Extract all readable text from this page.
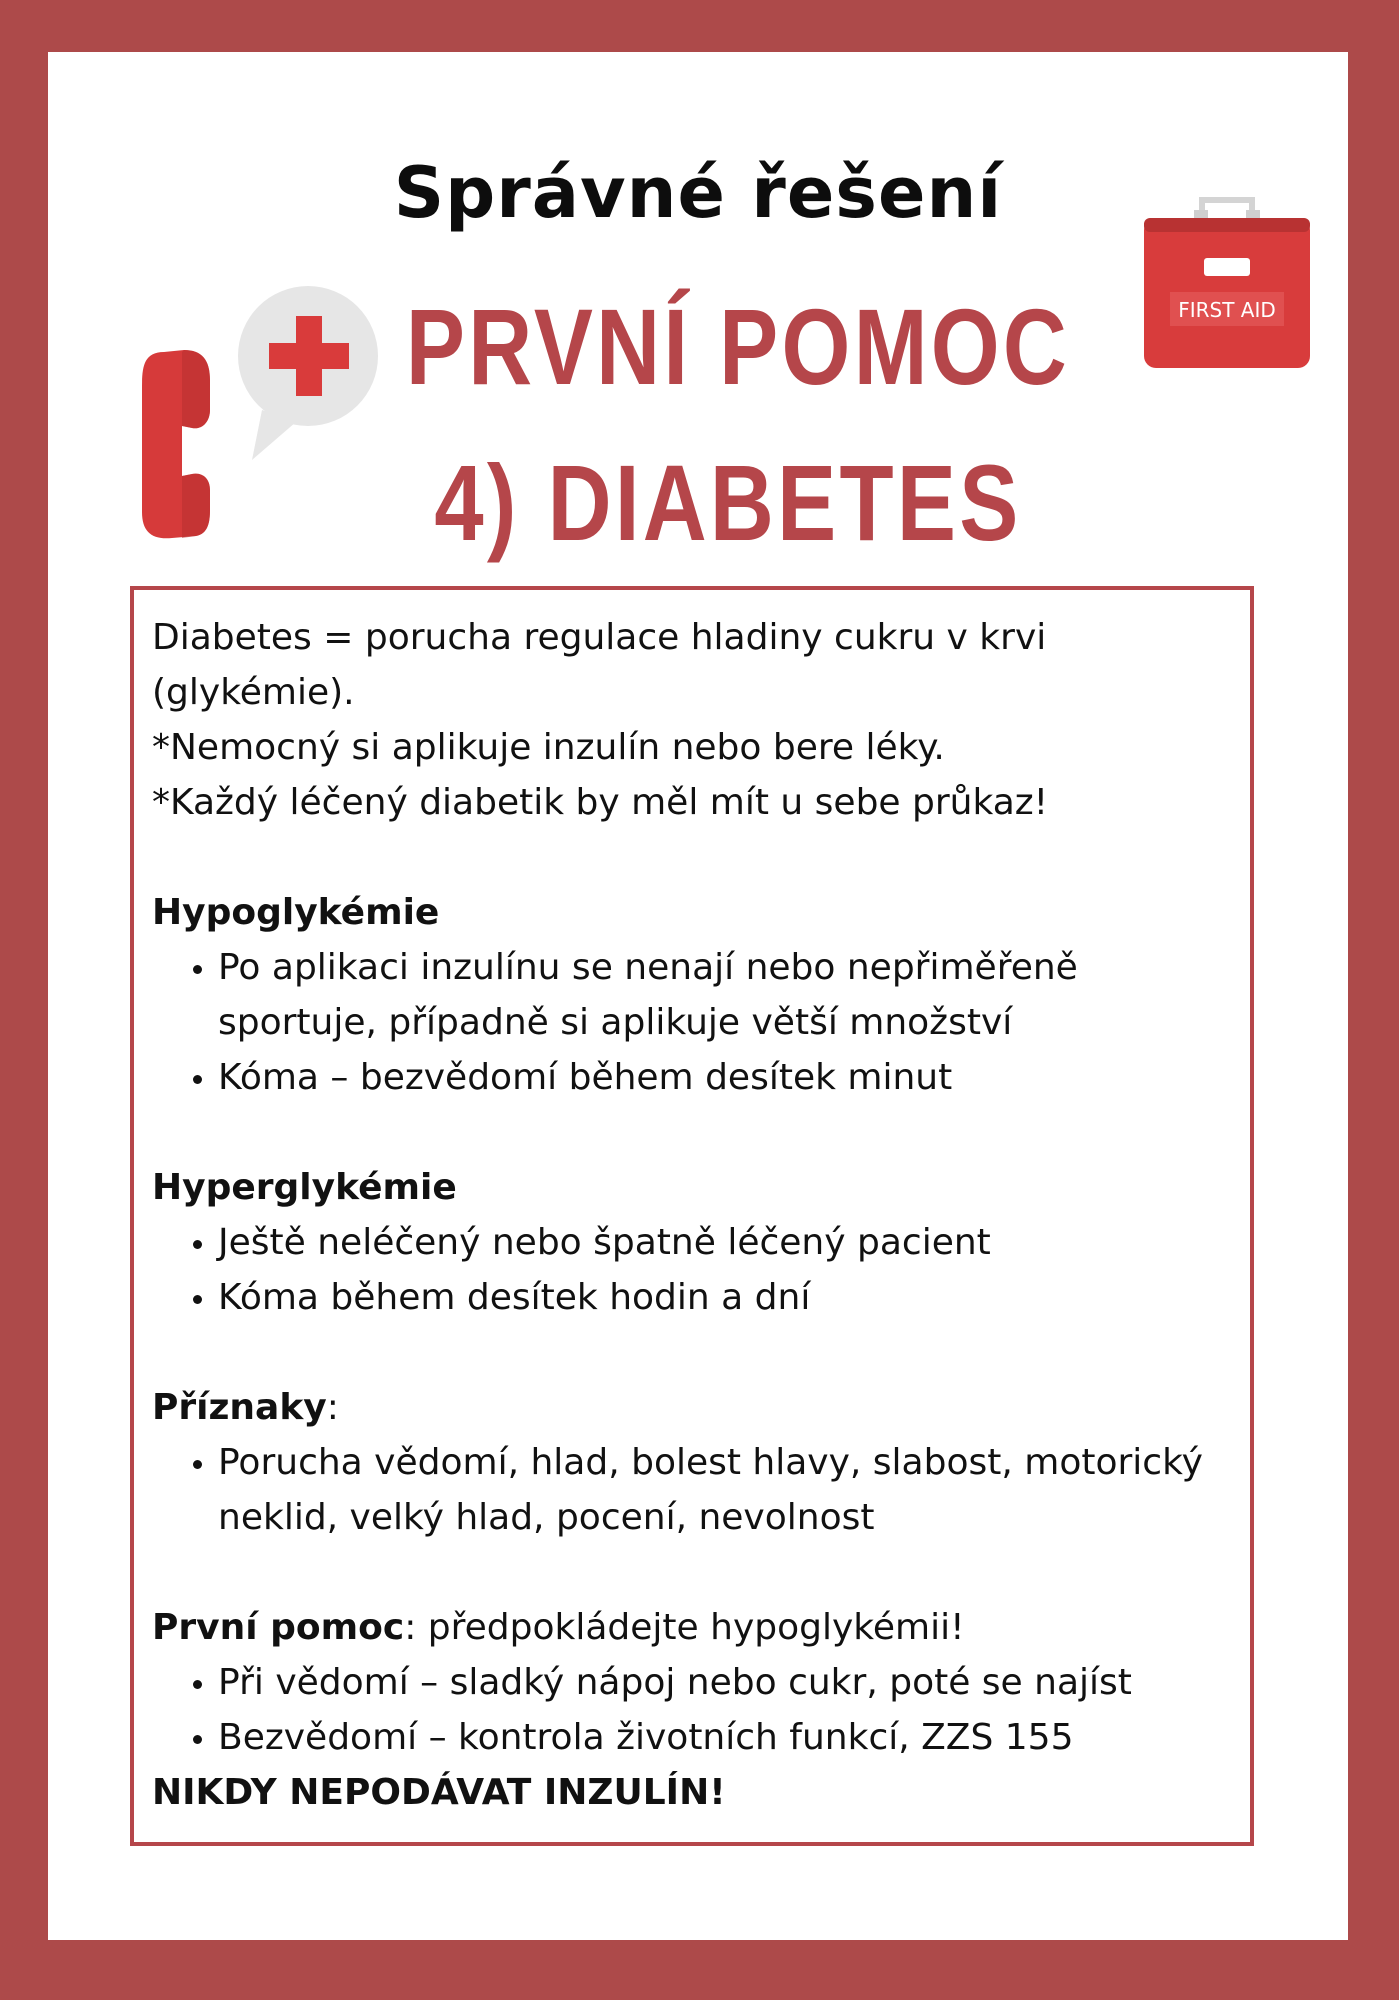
Správné řešení
PRVNÍ POMOC
4) DIABETES
FIRST AID

Diabetes = porucha regulace hladiny cukru v krvi (glykémie).

*Nemocný si aplikuje inzulín nebo bere léky.

*Každý léčený diabetik by měl mít u sebe průkaz!

Hypoglykémie

• Po aplikaci inzulínu se nenají nebo nepřiměřeně sportuje, případně si aplikuje větší množství
• Kóma – bezvědomí během desítek minut

Hyperglykémie

• Ještě neléčený nebo špatně léčený pacient
• Kóma během desítek hodin a dní

Příznaky:

• Porucha vědomí, hlad, bolest hlavy, slabost, motorický neklid, velký hlad, pocení, nevolnost

První pomoc: předpokládejte hypoglykémii!

• Při vědomí – sladký nápoj nebo cukr, poté se najíst
• Bezvědomí – kontrola životních funkcí, ZZS 155

NIKDY NEPODÁVAT INZULÍN!
